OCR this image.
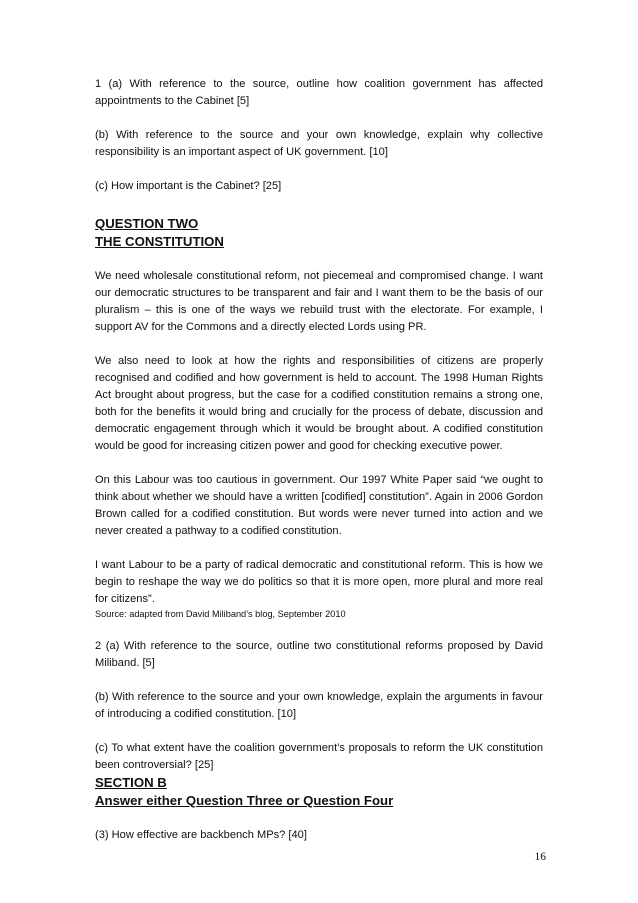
1 (a) With reference to the source, outline how coalition government has affected appointments to the Cabinet [5]

(b) With reference to the source and your own knowledge, explain why collective responsibility is an important aspect of UK government. [10]

(c) How important is the Cabinet? [25]

QUESTION TWO

THE CONSTITUTION

We need wholesale constitutional reform, not piecemeal and compromised change. I want our democratic structures to be transparent and fair and I want them to be the basis of our pluralism – this is one of the ways we rebuild trust with the electorate. For example, I support AV for the Commons and a directly elected Lords using PR.

We also need to look at how the rights and responsibilities of citizens are properly recognised and codified and how government is held to account. The 1998 Human Rights Act brought about progress, but the case for a codified constitution remains a strong one, both for the benefits it would bring and crucially for the process of debate, discussion and democratic engagement through which it would be brought about. A codified constitution would be good for increasing citizen power and good for checking executive power.

On this Labour was too cautious in government. Our 1997 White Paper said “we ought to think about whether we should have a written [codified] constitution”. Again in 2006 Gordon Brown called for a codified constitution. But words were never turned into action and we never created a pathway to a codified constitution.

I want Labour to be a party of radical democratic and constitutional reform. This is how we begin to reshape the way we do politics so that it is more open, more plural and more real for citizens”.

Source: adapted from David Miliband’s blog, September 2010

2 (a) With reference to the source, outline two constitutional reforms proposed by David Miliband. [5]

(b) With reference to the source and your own knowledge, explain the arguments in favour of introducing a codified constitution. [10]

(c) To what extent have the coalition government’s proposals to reform the UK constitution been controversial? [25]

SECTION B

Answer either Question Three or Question Four

(3) How effective are backbench MPs? [40]

16
